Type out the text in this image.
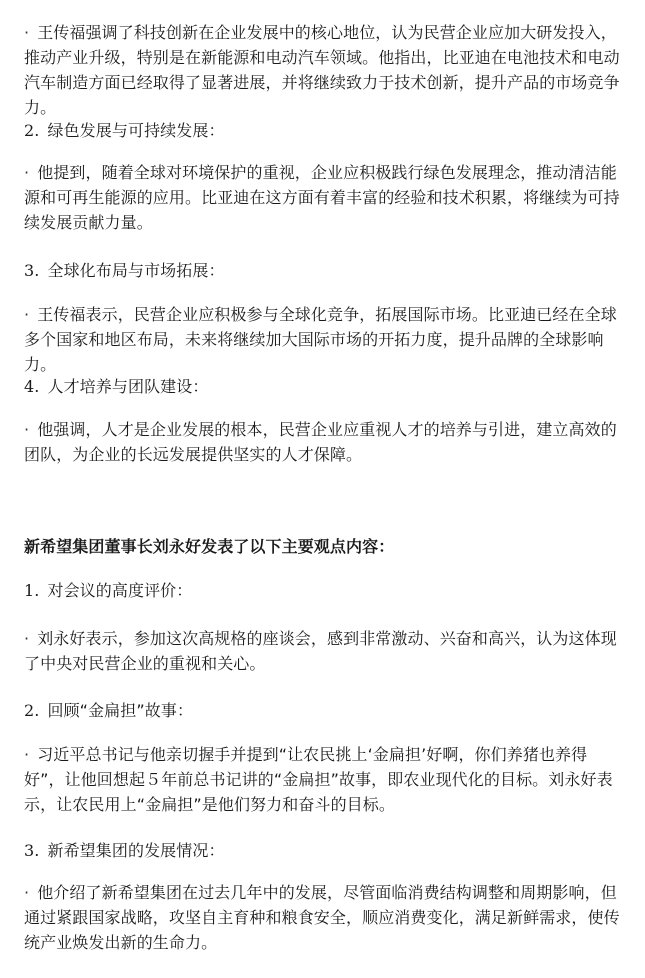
· 王传福强调了科技创新在企业发展中的核心地位，认为民营企业应加大研发投入，推动产业升级，特别是在新能源和电动汽车领域。他指出，比亚迪在电池技术和电动汽车制造方面已经取得了显著进展，并将继续致力于技术创新，提升产品的市场竞争力。

2. 绿色发展与可持续发展：

· 他提到，随着全球对环境保护的重视，企业应积极践行绿色发展理念，推动清洁能源和可再生能源的应用。比亚迪在这方面有着丰富的经验和技术积累，将继续为可持续发展贡献力量。

3. 全球化布局与市场拓展：

· 王传福表示，民营企业应积极参与全球化竞争，拓展国际市场。比亚迪已经在全球多个国家和地区布局，未来将继续加大国际市场的开拓力度，提升品牌的全球影响力。

4. 人才培养与团队建设：

· 他强调，人才是企业发展的根本，民营企业应重视人才的培养与引进，建立高效的团队，为企业的长远发展提供坚实的人才保障。

新希望集团董事长刘永好发表了以下主要观点内容：

1. 对会议的高度评价：

· 刘永好表示，参加这次高规格的座谈会，感到非常激动、兴奋和高兴，认为这体现了中央对民营企业的重视和关心。

2. 回顾“金扁担”故事：

· 习近平总书记与他亲切握手并提到“让农民挑上‘金扁担’好啊，你们养猪也养得好”，让他回想起５年前总书记讲的“金扁担”故事，即农业现代化的目标。刘永好表示，让农民用上“金扁担”是他们努力和奋斗的目标。

3. 新希望集团的发展情况：

· 他介绍了新希望集团在过去几年中的发展，尽管面临消费结构调整和周期影响，但通过紧跟国家战略，攻坚自主育种和粮食安全，顺应消费变化，满足新鲜需求，使传统产业焕发出新的生命力。
